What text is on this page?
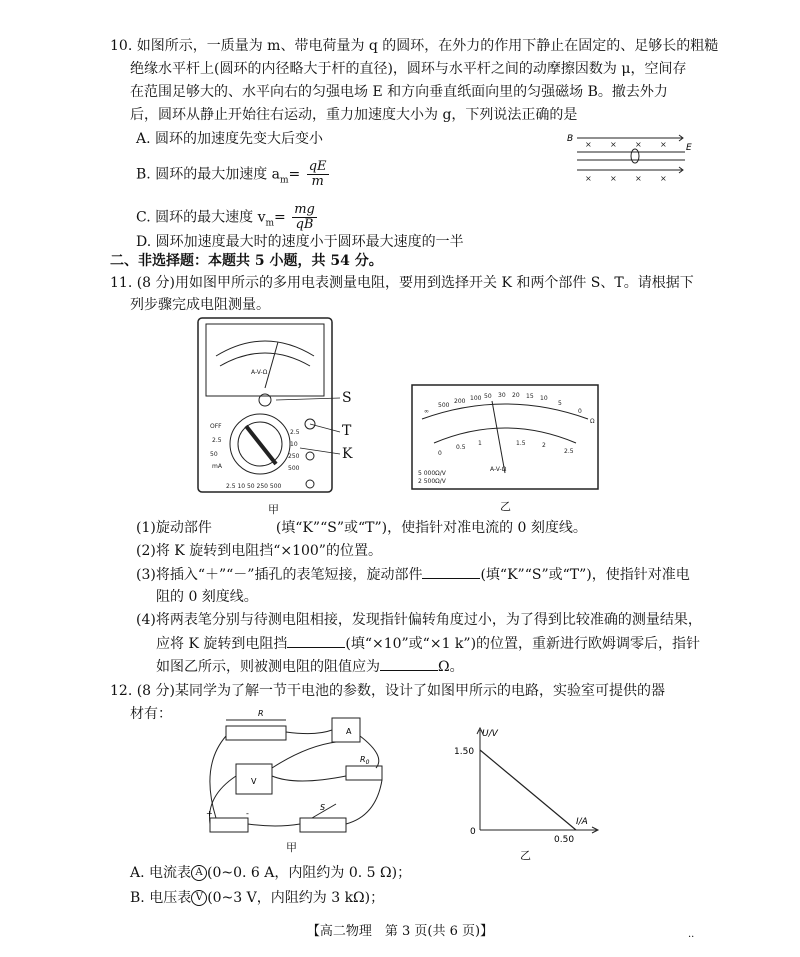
10. 如图所示，一质量为 m、带电荷量为 q 的圆环，在外力的作用下静止在固定的、足够长的粗糙
绝缘水平杆上(圆环的内径略大于杆的直径)，圆环与水平杆之间的动摩擦因数为 μ，空间存
在范围足够大的、水平向右的匀强电场 E 和方向垂直纸面向里的匀强磁场 B。撤去外力
后，圆环从静止开始往右运动，重力加速度大小为 g，下列说法正确的是
A. 圆环的加速度先变大后变小
B. 圆环的最大加速度 $a_m= \frac{qE}{m}$
C. 圆环的最大速度 $v_m= \frac{mg}{qB}$
D. 圆环加速度最大时的速度小于圆环最大速度的一半
B
E
× × × ×
× × × ×
二、非选择题：本题共 5 小题，共 54 分。
11. (8 分)用如图甲所示的多用电表测量电阻，要用到选择开关 K 和两个部件 S、T。请根据下
列步骤完成电阻测量。
OFF
2.5
50
mA
2.5
10
250
500
2.5 10 50 250 500
A-V-Ω
S
T
K
甲
∞
500
200 100 50 30 20 15 10
5
0
Ω
0
0.5
1	1.5	2
2.5
A-V-Ω
5 000Ω/V
2 500Ω/V
乙
(1)旋动部件	(填“K”“S”或“T”)，使指针对准电流的 0 刻度线。
(2)将 K 旋转到电阻挡“×100”的位置。
(3)将插入“＋”“－”插孔的表笔短接，旋动部件	(填“K”“S”或“T”)，使指针对准电
阻的 0 刻度线。
(4)将两表笔分别与待测电阻相接，发现指针偏转角度过小，为了得到比较准确的测量结果，
应将 K 旋转到电阻挡	(填“×10”或“×1 k”)的位置，重新进行欧姆调零后，指针
如图乙所示，则被测电阻的阻值应为	Ω。
12. (8 分)某同学为了解一节干电池的参数，设计了如图甲所示的电路，实验室可提供的器
材有：	R
A
V
$R_0$
S
+	-
甲
U/V
I/A
0
1.50
0.50
乙
A. 电流表 A (0~0. 6 A，内阻约为 0. 5 Ω)；
B. 电压表 V (0~3 V，内阻约为 3 kΩ)；
【高二物理　第 3 页(共 6 页)】	··
